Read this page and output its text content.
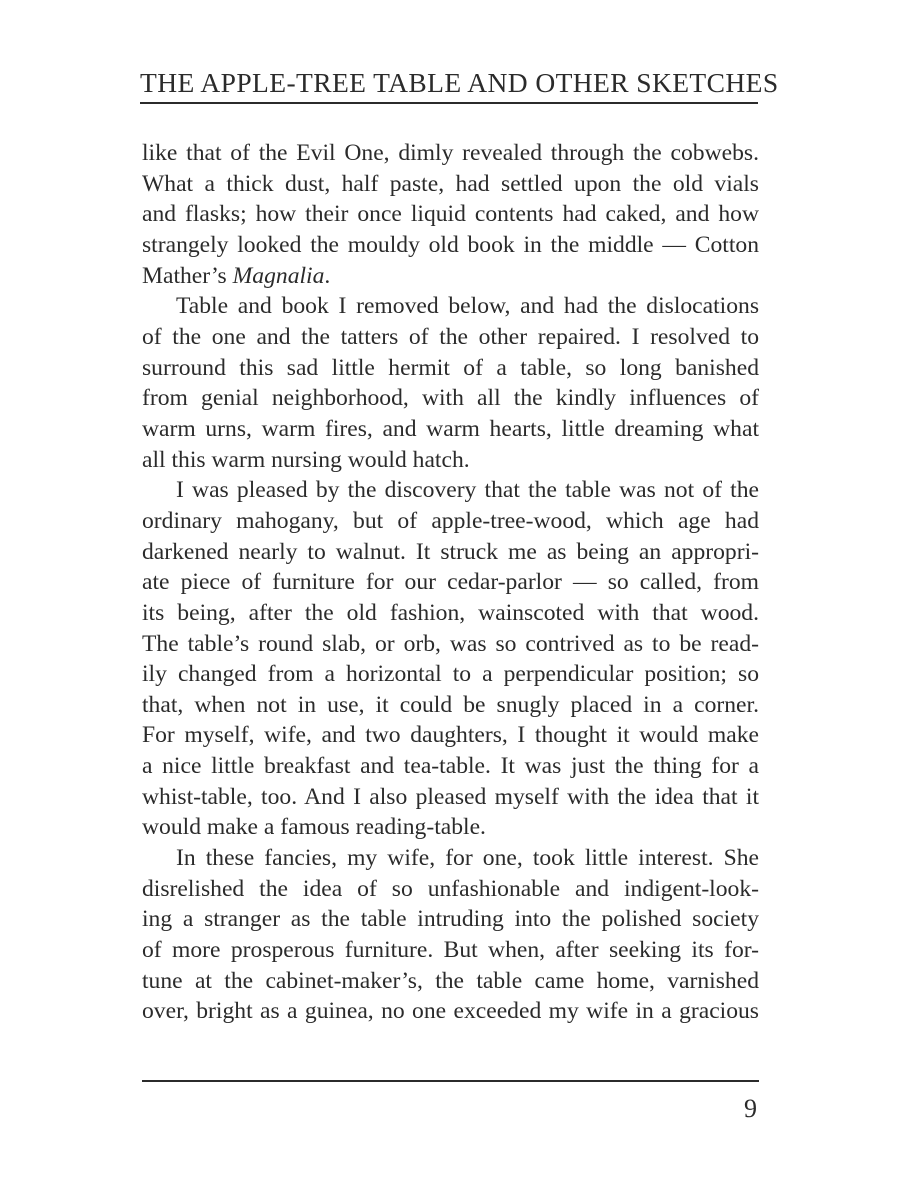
THE APPLE-TREE TABLE AND OTHER SKETCHES

like that of the Evil One, dimly revealed through the cobwebs.
What a thick dust, half paste, had settled upon the old vials
and flasks; how their once liquid contents had caked, and how
strangely looked the mouldy old book in the middle — Cotton
Mather’s Magnalia.

Table and book I removed below, and had the dislocations
of the one and the tatters of the other repaired. I resolved to
surround this sad little hermit of a table, so long banished
from genial neighborhood, with all the kindly influences of
warm urns, warm fires, and warm hearts, little dreaming what
all this warm nursing would hatch.

I was pleased by the discovery that the table was not of the
ordinary mahogany, but of apple-tree-wood, which age had
darkened nearly to walnut. It struck me as being an appropri-
ate piece of furniture for our cedar-parlor — so called, from
its being, after the old fashion, wainscoted with that wood.
The table’s round slab, or orb, was so contrived as to be read-
ily changed from a horizontal to a perpendicular position; so
that, when not in use, it could be snugly placed in a corner.
For myself, wife, and two daughters, I thought it would make
a nice little breakfast and tea-table. It was just the thing for a
whist-table, too. And I also pleased myself with the idea that it
would make a famous reading-table.

In these fancies, my wife, for one, took little interest. She
disrelished the idea of so unfashionable and indigent-look-
ing a stranger as the table intruding into the polished society
of more prosperous furniture. But when, after seeking its for-
tune at the cabinet-maker’s, the table came home, varnished
over, bright as a guinea, no one exceeded my wife in a gracious

9
